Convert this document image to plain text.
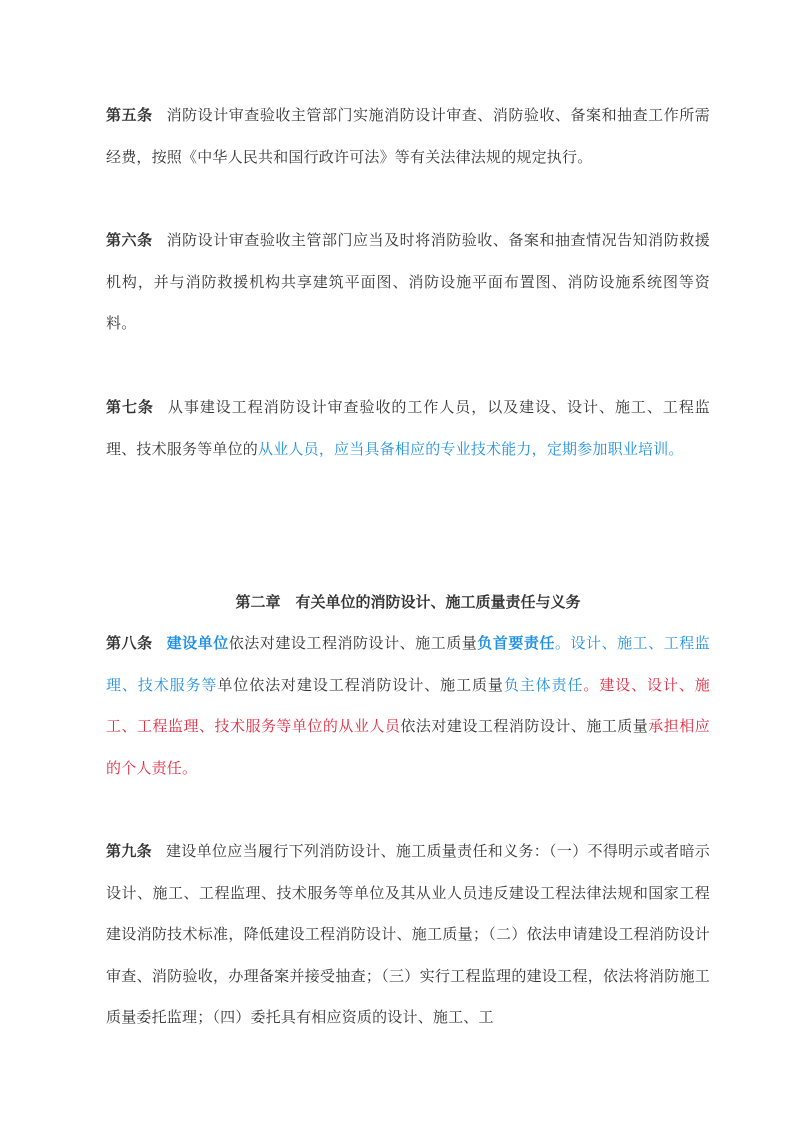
第五条 消防设计审查验收主管部门实施消防设计审查、消防验收、备案和抽查工作所需经费，按照《中华人民共和国行政许可法》等有关法律法规的规定执行。

第六条 消防设计审查验收主管部门应当及时将消防验收、备案和抽查情况告知消防救援机构，并与消防救援机构共享建筑平面图、消防设施平面布置图、消防设施系统图等资料。

第七条 从事建设工程消防设计审查验收的工作人员，以及建设、设计、施工、工程监理、技术服务等单位的从业人员，应当具备相应的专业技术能力，定期参加职业培训。

第二章　有关单位的消防设计、施工质量责任与义务

第八条 建设单位依法对建设工程消防设计、施工质量负首要责任。设计、施工、工程监理、技术服务等单位依法对建设工程消防设计、施工质量负主体责任。建设、设计、施工、工程监理、技术服务等单位的从业人员依法对建设工程消防设计、施工质量承担相应的个人责任。

第九条 建设单位应当履行下列消防设计、施工质量责任和义务：（一）不得明示或者暗示设计、施工、工程监理、技术服务等单位及其从业人员违反建设工程法律法规和国家工程建设消防技术标准，降低建设工程消防设计、施工质量；（二）依法申请建设工程消防设计审查、消防验收，办理备案并接受抽查；（三）实行工程监理的建设工程，依法将消防施工质量委托监理；（四）委托具有相应资质的设计、施工、工
